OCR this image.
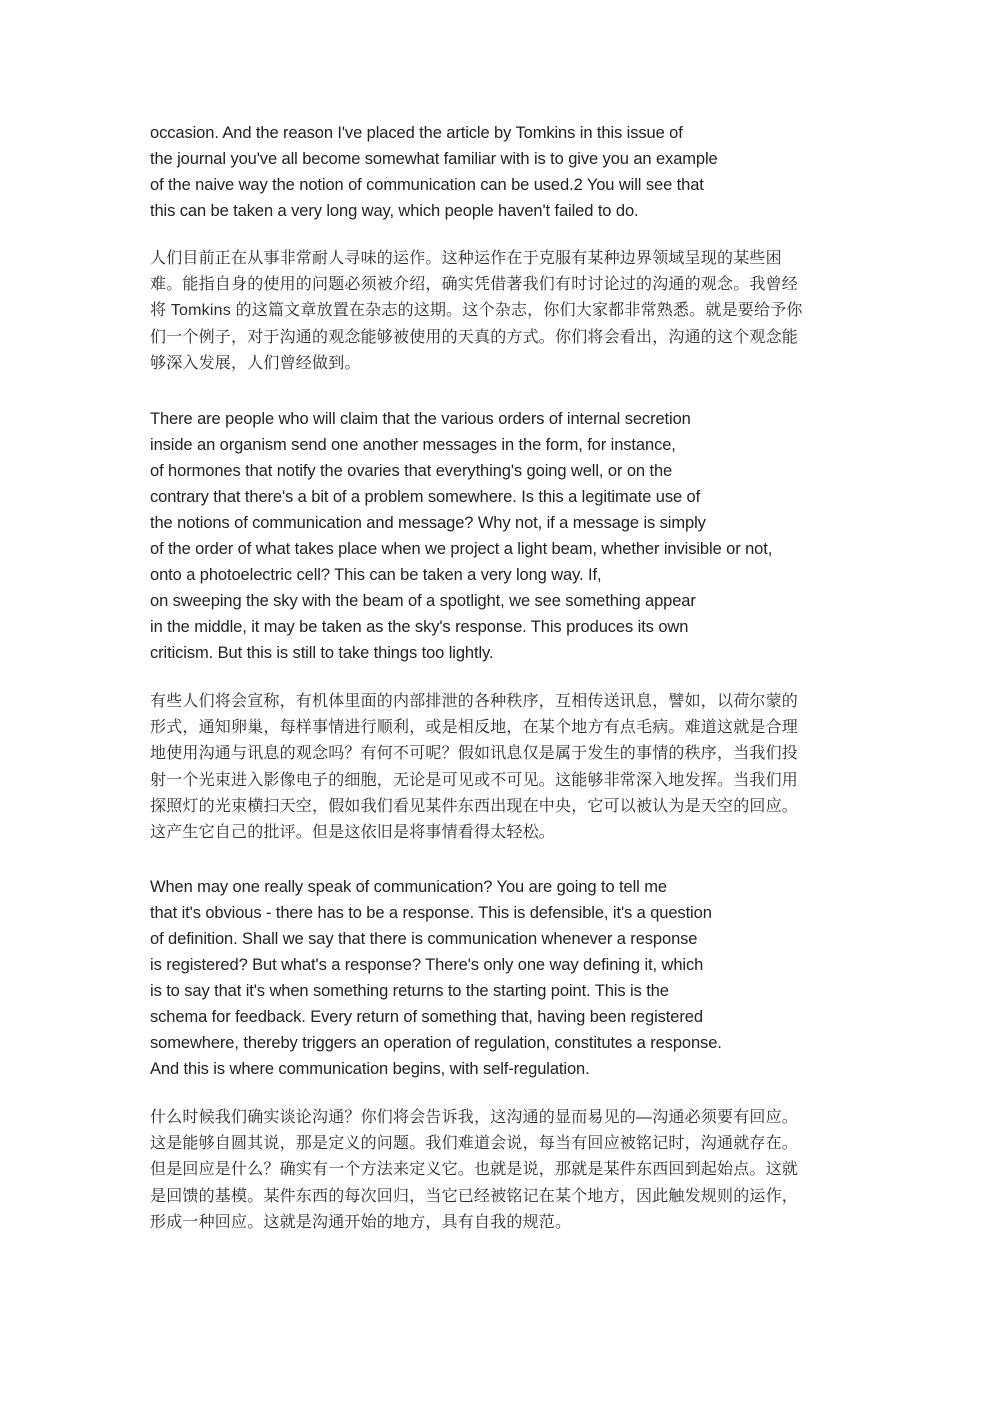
occasion. And the reason I've placed the article by Tomkins in this issue of
the journal you've all become somewhat familiar with is to give you an example
of the naive way the notion of communication can be used.2 You will see that
this can be taken a very long way, which people haven't failed to do.
人们目前正在从事非常耐人寻味的运作。这种运作在于克服有某种边界领域呈现的某些困
难。能指自身的使用的问题必须被介绍，确实凭借著我们有时讨论过的沟通的观念。我曾经
将 Tomkins 的这篇文章放置在杂志的这期。这个杂志，你们大家都非常熟悉。就是要给予你
们一个例子，对于沟通的观念能够被使用的天真的方式。你们将会看出，沟通的这个观念能
够深入发展，人们曾经做到。
There are people who will claim that the various orders of internal secretion
inside an organism send one another messages in the form, for instance,
of hormones that notify the ovaries that everything's going well, or on the
contrary that there's a bit of a problem somewhere. Is this a legitimate use of
the notions of communication and message? Why not, if a message is simply
of the order of what takes place when we project a light beam, whether invisible or not,
onto a photoelectric cell? This can be taken a very long way. If,
on sweeping the sky with the beam of a spotlight, we see something appear
in the middle, it may be taken as the sky's response. This produces its own
criticism. But this is still to take things too lightly.
有些人们将会宣称，有机体里面的内部排泄的各种秩序，互相传送讯息，譬如，以荷尔蒙的
形式，通知卵巢，每样事情进行顺利，或是相反地，在某个地方有点毛病。难道这就是合理
地使用沟通与讯息的观念吗？有何不可呢？假如讯息仅是属于发生的事情的秩序，当我们投
射一个光束进入影像电子的细胞，无论是可见或不可见。这能够非常深入地发挥。当我们用
探照灯的光束横扫天空，假如我们看见某件东西出现在中央，它可以被认为是天空的回应。
这产生它自己的批评。但是这依旧是将事情看得太轻松。
When may one really speak of communication? You are going to tell me
that it's obvious - there has to be a response. This is defensible, it's a question
of definition. Shall we say that there is communication whenever a response
is registered? But what's a response? There's only one way defining it, which
is to say that it's when something returns to the starting point. This is the
schema for feedback. Every return of something that, having been registered
somewhere, thereby triggers an operation of regulation, constitutes a response.
And this is where communication begins, with self-regulation.
什么时候我们确实谈论沟通？你们将会告诉我，这沟通的显而易见的—沟通必须要有回应。
这是能够自圆其说，那是定义的问题。我们难道会说，每当有回应被铭记时，沟通就存在。
但是回应是什么？确实有一个方法来定义它。也就是说，那就是某件东西回到起始点。这就
是回馈的基模。某件东西的每次回归，当它已经被铭记在某个地方，因此触发规则的运作，
形成一种回应。这就是沟通开始的地方，具有自我的规范。
